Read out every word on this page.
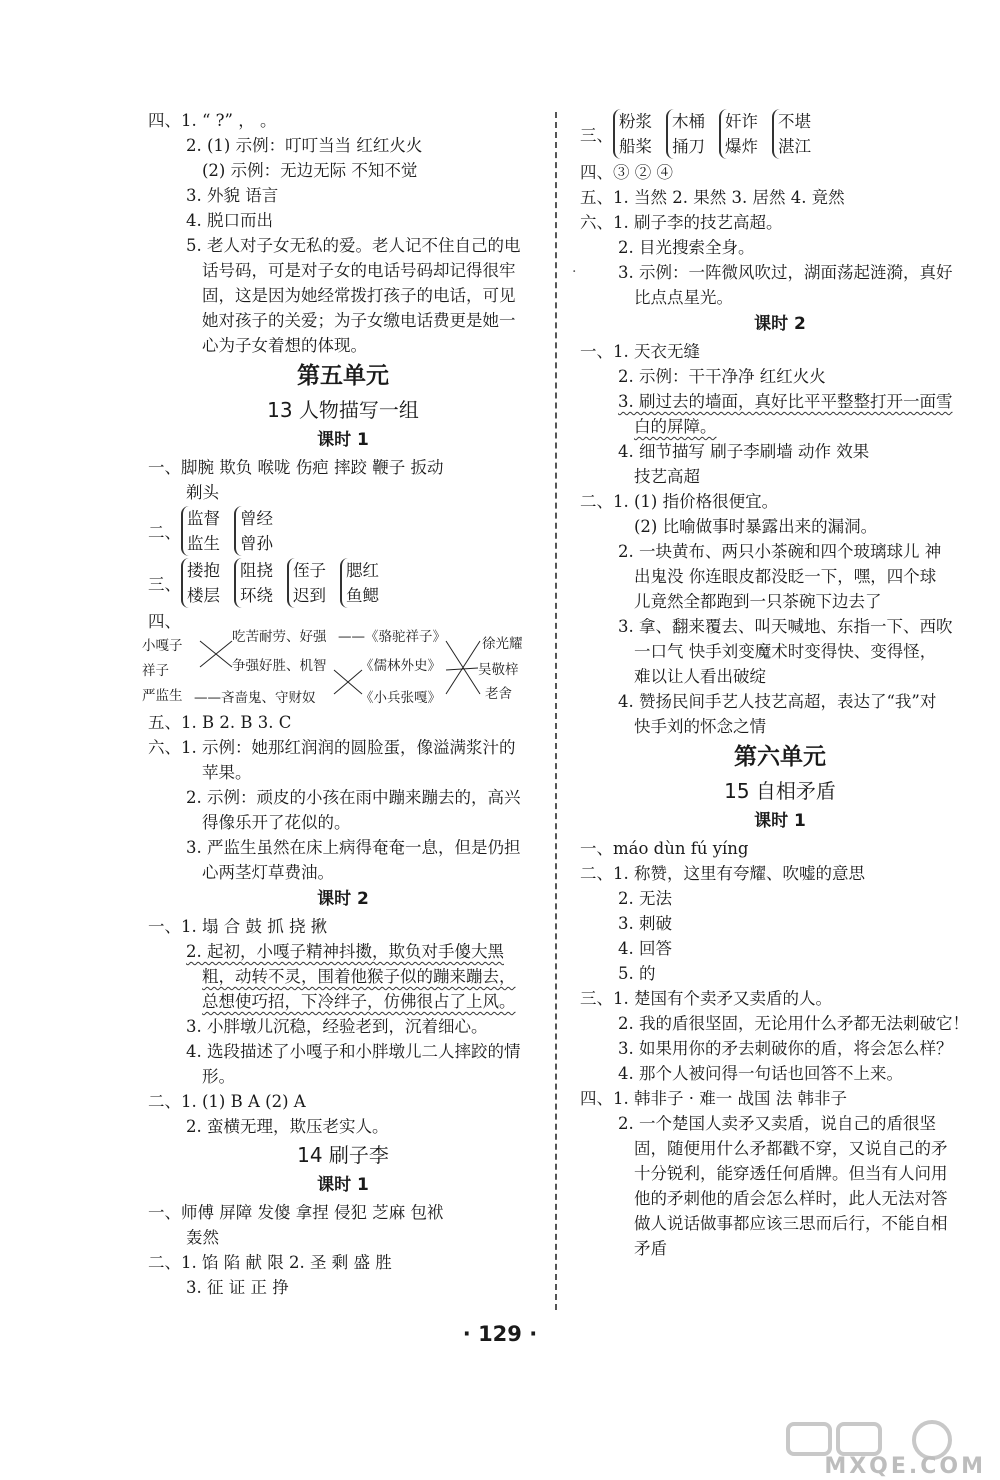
.
四、1. “ ?” ， 。
2. (1) 示例：叮叮当当 红红火火
(2) 示例：无边无际 不知不觉
3. 外貌 语言
4. 脱口而出
5. 老人对子女无私的爱。老人记不住自己的电
话号码，可是对子女的电话号码却记得很牢
固，这是因为她经常拨打孩子的电话，可见
她对孩子的关爱；为子女缴电话费更是她一
心为子女着想的体现。
第五单元
13 人物描写一组
课时 1
一、脚腕 欺负 喉咙 伤疤 摔跤 鞭子 扳动
剃头
二、
监督
监生
曾经
曾孙
三、
搂抱
楼层
阻挠
环绕
侄子
迟到
腮红
鱼鳃
四、
小嘎子
祥子
严监生
吃苦耐劳、好强
争强好胜、机智
——吝啬鬼、守财奴
——《骆驼祥子》
《儒林外史》
《小兵张嘎》
徐光耀
吴敬梓
老舍
五、1. B 2. B 3. C
六、1. 示例：她那红润润的圆脸蛋，像溢满浆汁的
苹果。
2. 示例：顽皮的小孩在雨中蹦来蹦去的，高兴
得像乐开了花似的。
3. 严监生虽然在床上病得奄奄一息，但是仍担
心两茎灯草费油。
课时 2
一、1. 塌 合 鼓 抓 挠 揪
2. 起初，小嘎子精神抖擞，欺负对手傻大黑
粗，动转不灵，围着他猴子似的蹦来蹦去，
总想使巧招，下冷绊子，仿佛很占了上风。
3. 小胖墩儿沉稳，经验老到，沉着细心。
4. 选段描述了小嘎子和小胖墩儿二人摔跤的情
形。
二、1. (1) B A (2) A
2. 蛮横无理，欺压老实人。
14 刷子李
课时 1
一、师傅 屏障 发傻 拿捏 侵犯 芝麻 包袱
轰然
二、1. 馅 陷 献 限 2. 圣 剩 盛 胜
3. 征 证 正 挣
三、
粉浆
船桨
木桶
捅刀
奸诈
爆炸
不堪
湛江
四、③ ② ④
五、1. 当然 2. 果然 3. 居然 4. 竟然
六、1. 刷子李的技艺高超。
2. 目光搜索全身。
3. 示例：一阵微风吹过，湖面荡起涟漪，真好
比点点星光。
课时 2
一、1. 天衣无缝
2. 示例：干干净净 红红火火
3. 刷过去的墙面，真好比平平整整打开一面雪
白的屏障。
4. 细节描写 刷子李刷墙 动作 效果
技艺高超
二、1. (1) 指价格很便宜。
(2) 比喻做事时暴露出来的漏洞。
2. 一块黄布、两只小茶碗和四个玻璃球儿 神
出鬼没 你连眼皮都没眨一下，嘿，四个球
儿竟然全都跑到一只茶碗下边去了
3. 拿、翻来覆去、叫天喊地、东指一下、西吹
一口气 快手刘变魔术时变得快、变得怪，
难以让人看出破绽
4. 赞扬民间手艺人技艺高超，表达了“我”对
快手刘的怀念之情
第六单元
15 自相矛盾
课时 1
一、máo dùn fú yíng
二、1. 称赞，这里有夸耀、吹嘘的意思
2. 无法
3. 刺破
4. 回答
5. 的
三、1. 楚国有个卖矛又卖盾的人。
2. 我的盾很坚固，无论用什么矛都无法刺破它！
3. 如果用你的矛去刺破你的盾，将会怎么样？
4. 那个人被问得一句话也回答不上来。
四、1. 韩非子 · 难一 战国 法 韩非子
2. 一个楚国人卖矛又卖盾，说自己的盾很坚
固，随便用什么矛都戳不穿，又说自己的矛
十分锐利，能穿透任何盾牌。但当有人问用
他的矛刺他的盾会怎么样时，此人无法对答
做人说话做事都应该三思而后行，不能自相
矛盾
· 129 ·
MXQE.COM
